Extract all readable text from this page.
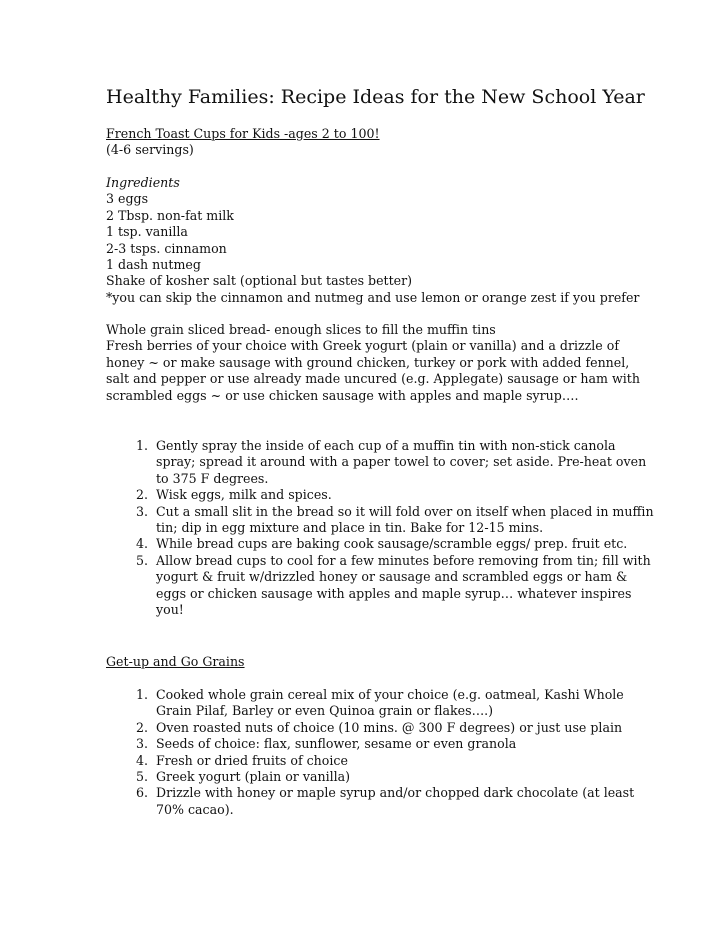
Healthy Families: Recipe Ideas for the New School Year
French Toast Cups for Kids -ages 2 to 100!
(4-6 servings)
Ingredients
3 eggs
2 Tbsp. non-fat milk
1 tsp. vanilla
2-3 tsps. cinnamon
1 dash nutmeg
Shake of kosher salt (optional but tastes better)
*you can skip the cinnamon and nutmeg and use lemon or orange zest if you prefer
Whole grain sliced bread- enough slices to fill the muffin tins
Fresh berries of your choice with Greek yogurt (plain or vanilla) and a drizzle of
honey ~ or make sausage with ground chicken, turkey or pork with added fennel,
salt and pepper or use already made uncured (e.g. Applegate) sausage or ham with
scrambled eggs ~ or use chicken sausage with apples and maple syrup….
1. Gently spray the inside of each cup of a muffin tin with non-stick canola
spray; spread it around with a paper towel to cover; set aside. Pre-heat oven
to 375 F degrees.
2. Wisk eggs, milk and spices.
3. Cut a small slit in the bread so it will fold over on itself when placed in muffin
tin; dip in egg mixture and place in tin. Bake for 12-15 mins.
4. While bread cups are baking cook sausage/scramble eggs/ prep. fruit etc.
5. Allow bread cups to cool for a few minutes before removing from tin; fill with
yogurt & fruit w/drizzled honey or sausage and scrambled eggs or ham &
eggs or chicken sausage with apples and maple syrup… whatever inspires
you!
Get-up and Go Grains
1. Cooked whole grain cereal mix of your choice (e.g. oatmeal, Kashi Whole
Grain Pilaf, Barley or even Quinoa grain or flakes….)
2. Oven roasted nuts of choice (10 mins. @ 300 F degrees) or just use plain
3. Seeds of choice: flax, sunflower, sesame or even granola
4. Fresh or dried fruits of choice
5. Greek yogurt (plain or vanilla)
6. Drizzle with honey or maple syrup and/or chopped dark chocolate (at least
70% cacao).
